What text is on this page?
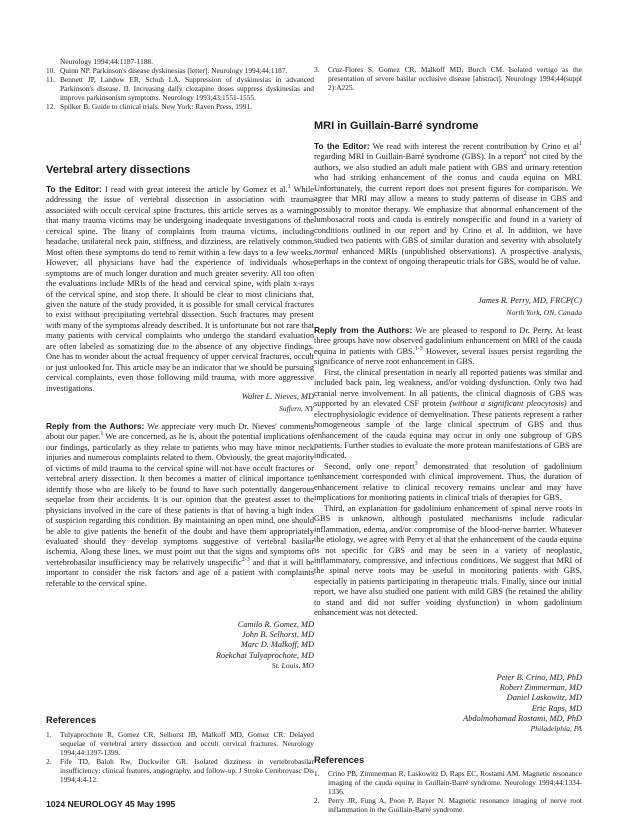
Neurology 1994;44:1187-1188.

10. Quinn NP. Parkinson's disease dyskinesias [letter]. Neurology 1994;44:1187.

11. Bennett JP, Landow ER, Schuh LA. Suppression of dyskinesias in advanced Parkinson's disease. II. Increasing daily clozapine doses suppress dyskinesias and improve parkinsonism symptoms. Neurology 1993;43:1551-1555.

12. Spilker B. Guide to clinical trials. New York: Raven Press, 1991.

Vertebral artery dissections

To the Editor: I read with great interest the article by Gomez et al.$^1$ While addressing the issue of vertebral dissection in association with trauma associated with occult cervical spine fractures, this article serves as a warning that many trauma victims may be undergoing inadequate investigations of the cervical spine. The litany of complaints from trauma victims, including headache, unilateral neck pain, stiffness, and dizziness, are relatively common. Most often these symptoms do tend to remit within a few days to a few weeks. However, all physicians have had the experience of individuals whose symptoms are of much longer duration and much greater severity. All too often the evaluations include MRIs of the head and cervical spine, with plain x-rays of the cervical spine, and stop there. It should be clear to most clinicians that, given the nature of the study provided, it is possible for small cervical fractures to exist without precipitating vertebral dissection. Such fractures may present with many of the symptoms already described. It is unfortunate but not rare that many patients with cervical complaints who undergo the standard evaluation are often labeled as somatizing due to the absence of any objective findings. One has to wonder about the actual frequency of upper cervical fractures, occult or just unlooked for. This article may be an indicator that we should be pursuing cervical complaints, even those following mild trauma, with more aggressive investigations.

Walter L. Nieves, MD

Suffern, NY

Reply from the Authors: We appreciate very much Dr. Nieves' comments about our paper.$^1$ We are concerned, as he is, about the potential implications of our findings, particularly as they relate to patients who may have minor neck injuries and numerous complaints related to them. Obviously, the great majority of victims of mild trauma to the cervical spine will not have occult fractures or vertebral artery dissection. It then becomes a matter of clinical importance to identify those who are likely to be found to have such potentially dangerous sequelae from their accidents. It is our opinion that the greatest asset to the physicians involved in the care of these patients is that of having a high index of suspicion regarding this condition. By maintaining an open mind, one should be able to give patients the benefit of the doubt and have them appropriately evaluated should they develop symptoms suggestive of vertebral basilar ischemia. Along these lines, we must point out that the signs and symptoms of vertebrobasilar insufficiency may be relatively unspecific$^{2-3}$ and that it will be important to consider the risk factors and age of a patient with complaints referable to the cervical spine.

Camilo R. Gomez, MD

John B. Selhorst, MD

Marc D. Malkoff, MD

Roekchai Tulyaprochote, MD

St. Louis, MO

References

1. Tulyaprochote R, Gomez CR, Selhorst JB, Malkoff MD, Gomez CR. Delayed sequelae of vertebral artery dissection and occult cervical fractures. Neurology 1994;44:1397-1399.

2. Fife TD, Baloh Rw, Duckwiler GR. Isolated dizziness in vertebrobasilar insufficiency: clinical features, angiography, and follow-up. J Stroke Cerebrovasc Dis 1994;4:4-12.

3. Cruz-Flores S, Gomez CR, Malkoff MD, Burch CM. Isolated vertigo as the presentation of severe basilar occlusive disease [abstract]. Neurology 1994;44(suppl 2):A225.

MRI in Guillain-Barré syndrome

To the Editor: We read with interest the recent contribution by Crino et $al^1$ regarding MRI in Guillain-Barré syndrome (GBS). In a report$^2$ not cited by the authors, we also studied an adult male patient with GBS and urinary retention who had striking enhancement of the conus and cauda equina on MRI. Unfortunately, the current report does not present figures for comparison. We agree that MRI may allow a means to study patterns of disease in GBS and possibly to monitor therapy. We emphasize that abnormal enhancement of the lumbosacral roots and cauda is entirely nonspecific and found in a variety of conditions outlined in our report and by Crino et al. In addition, we have studied two patients with GBS of similar duration and severity with absolutely normal enhanced MRIs (unpublished observations). A prospective analysis, perhaps in the context of ongoing therapeutic trials for GBS, would be of value.

James R. Perry, MD, FRCP(C)

North York, ON, Canada

Reply from the Authors: We are pleased to respond to Dr. Perry. At least three groups have now observed gadolinium enhancement on MRI of the cauda equina in patients with GBS.$^{1-3}$ However, several issues persist regarding the significance of nerve root enhancement in GBS.

First, the clinical presentation in nearly all reported patients was similar and included back pain, leg weakness, and/or voiding dysfunction. Only two had cranial nerve involvement. In all patients, the clinical diagnosis of GBS was supported by an elevated CSF protein (without a significant pleocytosis) and electrophysiologic evidence of demyelination. These patients represent a rather homogeneous sample of the large clinical spectrum of GBS and thus enhancement of the cauda equina may occur in only one subgroup of GBS patients. Further studies to evaluate the more protean manifestations of GBS are indicated.

Second, only one report$^3$ demonstrated that resolution of gadolinium enhancement corresponded with clinical improvement. Thus, the duration of enhancement relative to clinical recovery remains unclear and may have implications for monitoring patients in clinical trials of therapies for GBS.

Third, an explanation for gadolinium enhancement of spinal nerve roots in GBS is unknown, although postulated mechanisms include radicular inflammation, edema, and/or compromise of the blood-nerve barrier. Whatever the etiology, we agree with Perry et al that the enhancement of the cauda equina is not specific for GBS and may be seen in a variety of neoplastic, inflammatory, compressive, and infectious conditions. We suggest that MRI of the spinal nerve roots may be useful in monitoring patients with GBS, especially in patients participating in therapeutic trials. Finally, since our initial report, we have also studied one patient with mild GBS (he retained the ability to stand and did not suffer voiding dysfunction) in whom gadolinium enhancement was not detected.

Peter B. Crino, MD, PhD

Robert Zimmerman, MD

Daniel Laskowitz, MD

Eric Raps, MD

Abdolmohamad Rostami, MD, PhD

Philadelphia, PA

References

1. Crino PB, Zimmerman R, Laskowitz D, Raps EC, Rostami AM. Magnetic resonance imaging of the cauda equina in Guillain-Barré syndrome. Neurology 1994;44:1334-1336.

2. Perry JR, Fung A, Poon P, Bayer N. Magnetic resonance imaging of nerve root inflammation in the Guillain-Barré syndrome.

1024 NEUROLOGY 45 May 1995
